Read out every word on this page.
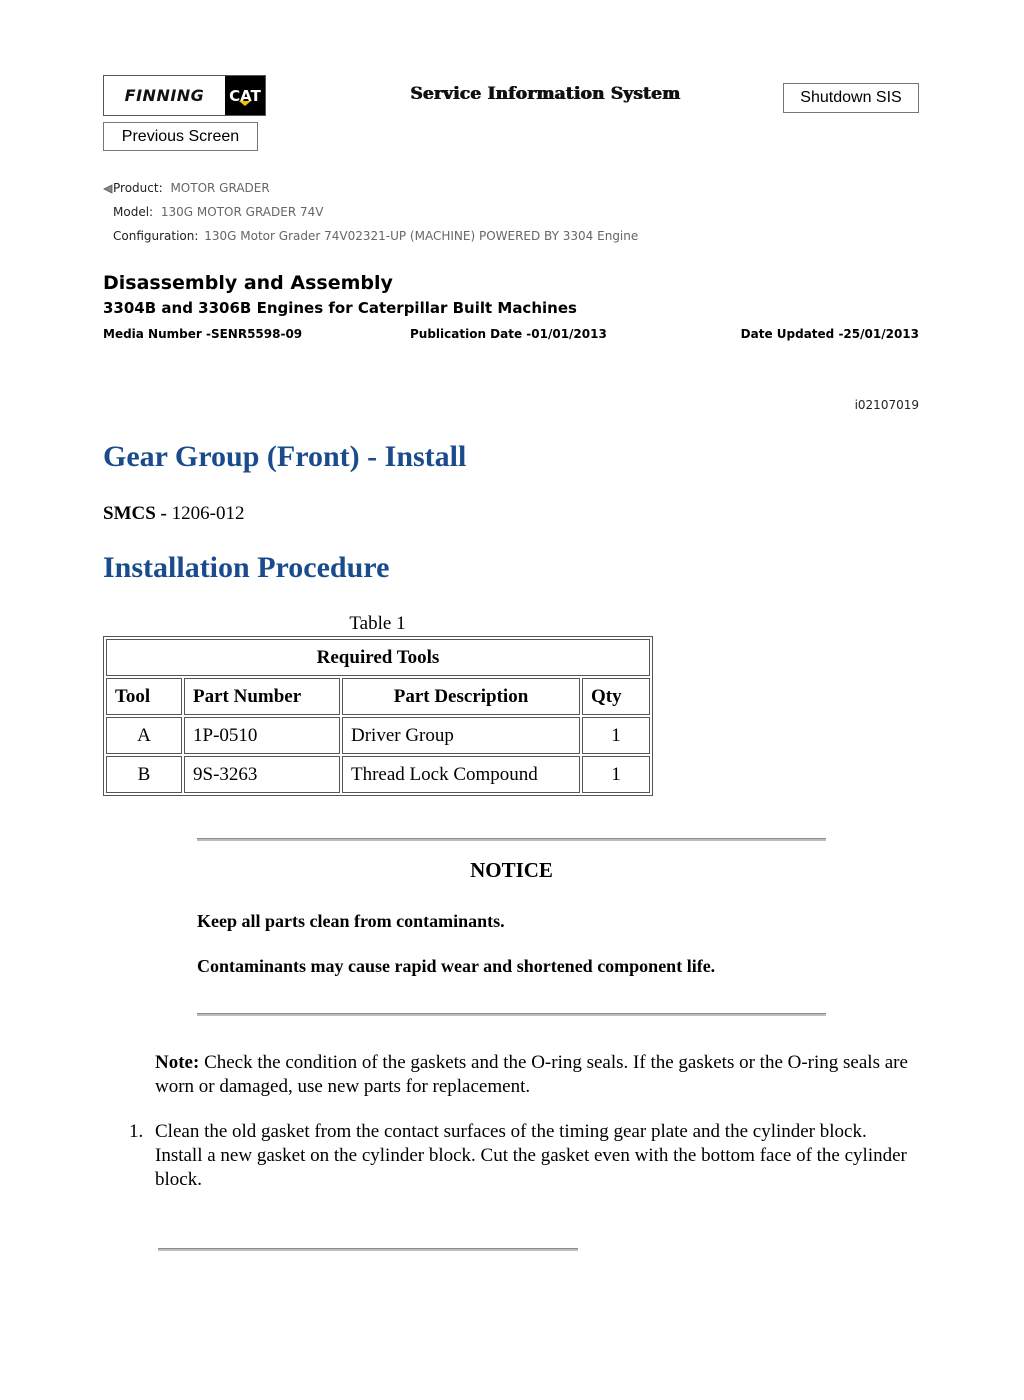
FINNING	CAT	Service Information System	Shutdown SIS
Previous Screen
Product: MOTOR GRADER
Model: 130G MOTOR GRADER 74V
Configuration: 130G Motor Grader 74V02321-UP (MACHINE) POWERED BY 3304 Engine
Disassembly and Assembly
3304B and 3306B Engines for Caterpillar Built Machines
Media Number -SENR5598-09	Publication Date -01/01/2013	Date Updated -25/01/2013
i02107019
Gear Group (Front) - Install
SMCS - 1206-012
Installation Procedure
Table 1
Required Tools			
Tool	Part Number	Part Description	Qty
A	1P-0510	Driver Group	1
B	9S-3263	Thread Lock Compound	1
NOTICE
Keep all parts clean from contaminants.
Contaminants may cause rapid wear and shortened component life.
Note: Check the condition of the gaskets and the O-ring seals. If the gaskets or the O-ring seals are worn or damaged, use new parts for replacement.
1. Clean the old gasket from the contact surfaces of the timing gear plate and the cylinder block. Install a new gasket on the cylinder block. Cut the gasket even with the bottom face of the cylinder block.
